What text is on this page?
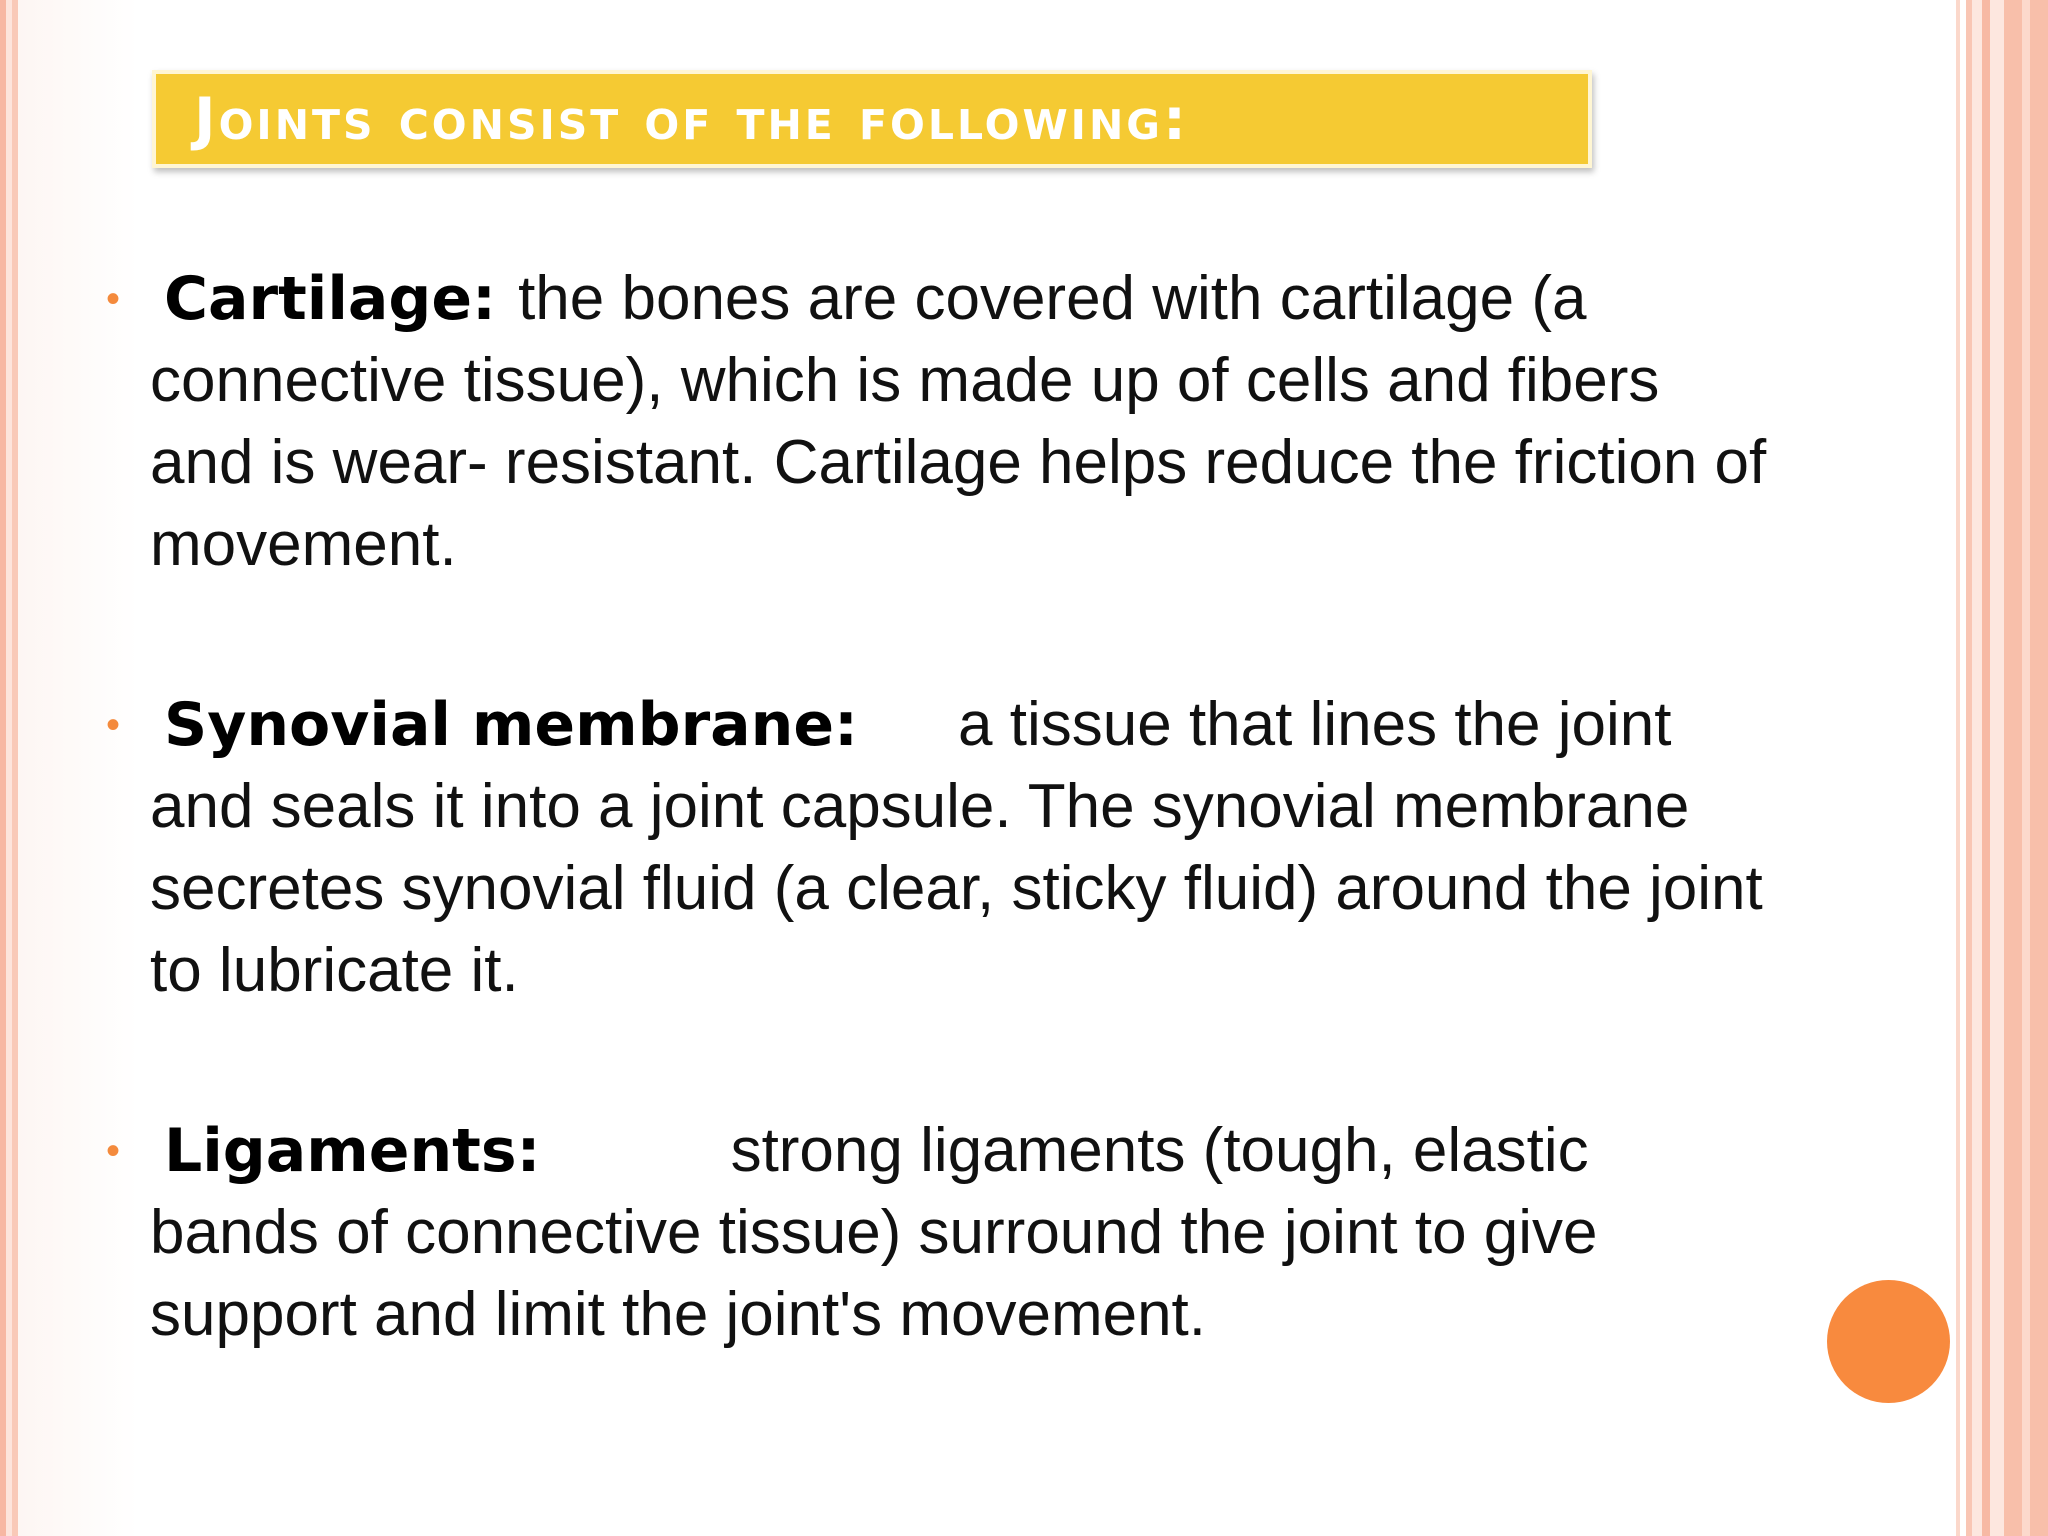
Joints consist of the following:
• Cartilage: the bones are covered with cartilage (a connective tissue), which is made up of cells and fibers and is wear- resistant. Cartilage helps reduce the friction of movement.
• Synovial membrane: a tissue that lines the joint and seals it into a joint capsule. The synovial membrane secretes synovial fluid (a clear, sticky fluid) around the joint to lubricate it.
• Ligaments:	strong ligaments (tough, elastic bands of connective tissue) surround the joint to give support and limit the joint's movement.
